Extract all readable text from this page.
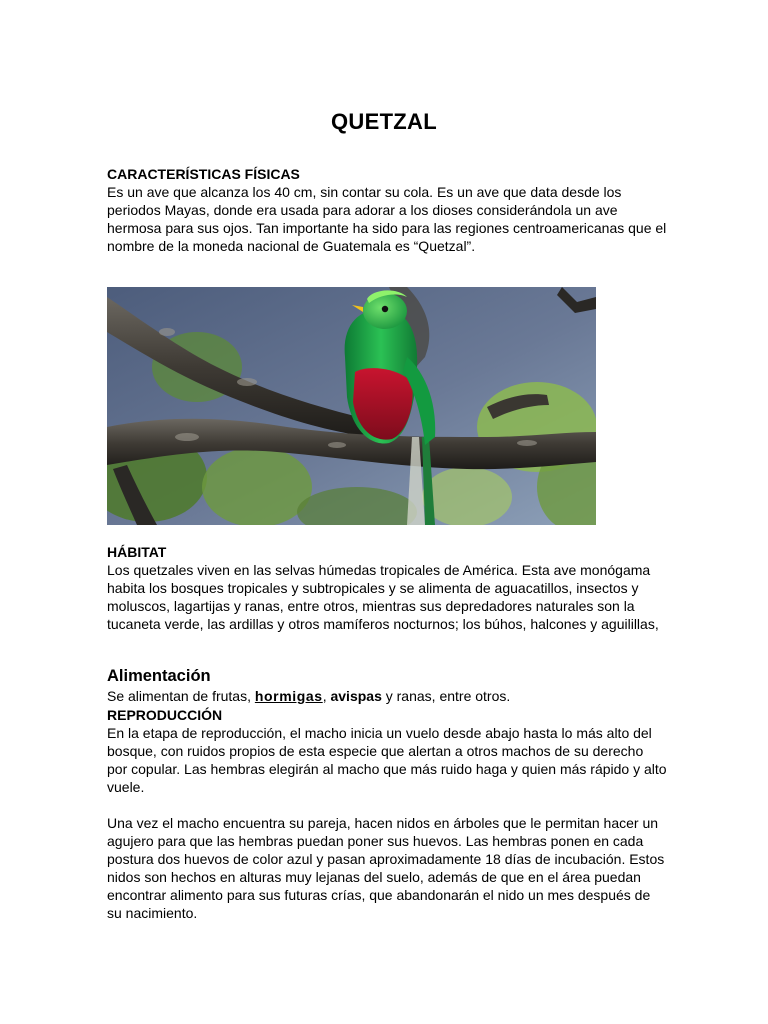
QUETZAL
CARACTERÍSTICAS FÍSICAS
Es un ave que alcanza los 40 cm, sin contar su cola. Es un ave que data desde los periodos Mayas, donde era usada para adorar a los dioses considerándola un ave hermosa para sus ojos. Tan importante ha sido para las regiones centroamericanas que el nombre de la moneda nacional de Guatemala es “Quetzal”.
HÁBITAT
Los quetzales viven en las selvas húmedas tropicales de América. Esta ave monógama habita los bosques tropicales y subtropicales y se alimenta de aguacatillos, insectos y moluscos, lagartijas y ranas, entre otros, mientras sus depredadores naturales son la tucaneta verde, las ardillas y otros mamíferos nocturnos; los búhos, halcones y aguilillas,
Alimentación
Se alimentan de frutas, hormigas, avispas y ranas, entre otros.
REPRODUCCIÓN
En la etapa de reproducción, el macho inicia un vuelo desde abajo hasta lo más alto del bosque, con ruidos propios de esta especie que alertan a otros machos de su derecho por copular. Las hembras elegirán al macho que más ruido haga y quien más rápido y alto vuele.
Una vez el macho encuentra su pareja, hacen nidos en árboles que le permitan hacer un agujero para que las hembras puedan poner sus huevos. Las hembras ponen en cada postura dos huevos de color azul y pasan aproximadamente 18 días de incubación. Estos nidos son hechos en alturas muy lejanas del suelo, además de que en el área puedan encontrar alimento para sus futuras crías, que abandonarán el nido un mes después de su nacimiento.
